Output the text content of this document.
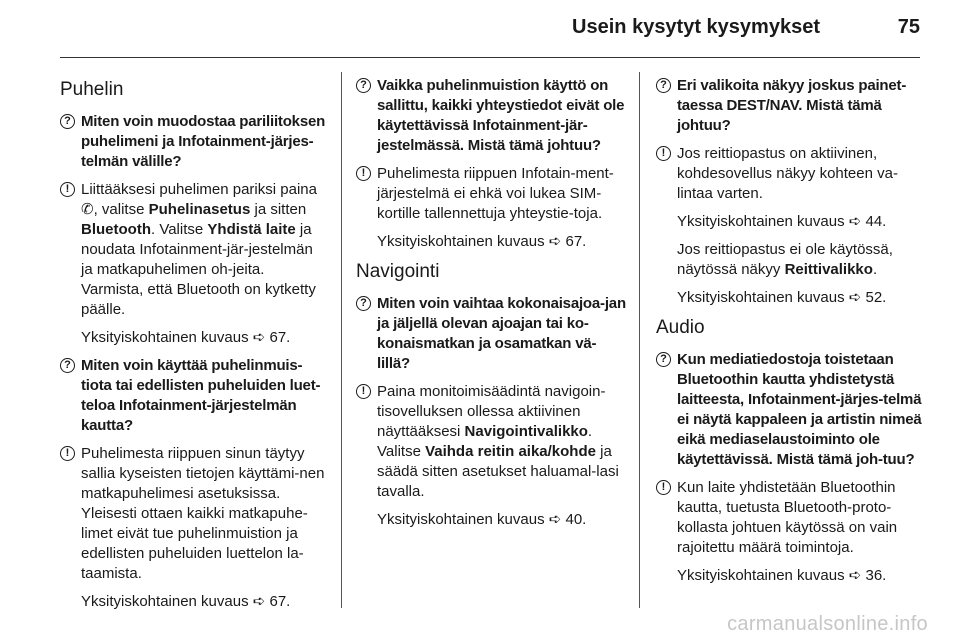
Usein kysytyt kysymykset	75
Puhelin
? Miten voin muodostaa pariliitoksen puhelimeni ja Infotainment-järjes-telmän välille?
! Liittääksesi puhelimen pariksi paina ✆, valitse Puhelinasetus ja sitten Bluetooth. Valitse Yhdistä laite ja noudata Infotainment-jär-jestelmän ja matkapuhelimen oh-jeita. Varmista, että Bluetooth on kytketty päälle.
Yksityiskohtainen kuvaus ➪ 67.
? Miten voin käyttää puhelinmuis-tiota tai edellisten puheluiden luet-teloa Infotainment-järjestelmän kautta?
! Puhelimesta riippuen sinun täytyy sallia kyseisten tietojen käyttämi-nen matkapuhelimesi asetuksissa. Yleisesti ottaen kaikki matkapuhe-limet eivät tue puhelinmuistion ja edellisten puheluiden luettelon la-taamista.
Yksityiskohtainen kuvaus ➪ 67.
? Vaikka puhelinmuistion käyttö on sallittu, kaikki yhteystiedot eivät ole käytettävissä Infotainment-jär-jestelmässä. Mistä tämä johtuu?
! Puhelimesta riippuen Infotain-ment-järjestelmä ei ehkä voi lukea SIM-kortille tallennettuja yhteystie-toja.
Yksityiskohtainen kuvaus ➪ 67.
Navigointi
? Miten voin vaihtaa kokonaisajoa-jan ja jäljellä olevan ajoajan tai ko-konaismatkan ja osamatkan vä-lillä?
! Paina monitoimisäädintä navigoin-tisovelluksen ollessa aktiivinen näyttääksesi Navigointivalikko. Valitse Vaihda reitin aika/kohde ja säädä sitten asetukset haluamal-lasi tavalla.
Yksityiskohtainen kuvaus ➪ 40.
? Eri valikoita näkyy joskus painet-taessa DEST/NAV. Mistä tämä johtuu?
! Jos reittiopastus on aktiivinen, kohdesovellus näkyy kohteen va-lintaa varten.
Yksityiskohtainen kuvaus ➪ 44.
Jos reittiopastus ei ole käytössä, näytössä näkyy Reittivalikko.
Yksityiskohtainen kuvaus ➪ 52.
Audio
? Kun mediatiedostoja toistetaan Bluetoothin kautta yhdistetystä laitteesta, Infotainment-järjes-telmä ei näytä kappaleen ja artistin nimeä eikä mediaselaustoiminto ole käytettävissä. Mistä tämä joh-tuu?
! Kun laite yhdistetään Bluetoothin kautta, tuetusta Bluetooth-proto-kollasta johtuen käytössä on vain rajoitettu määrä toimintoja.
Yksityiskohtainen kuvaus ➪ 36.
carmanualsonline.info
